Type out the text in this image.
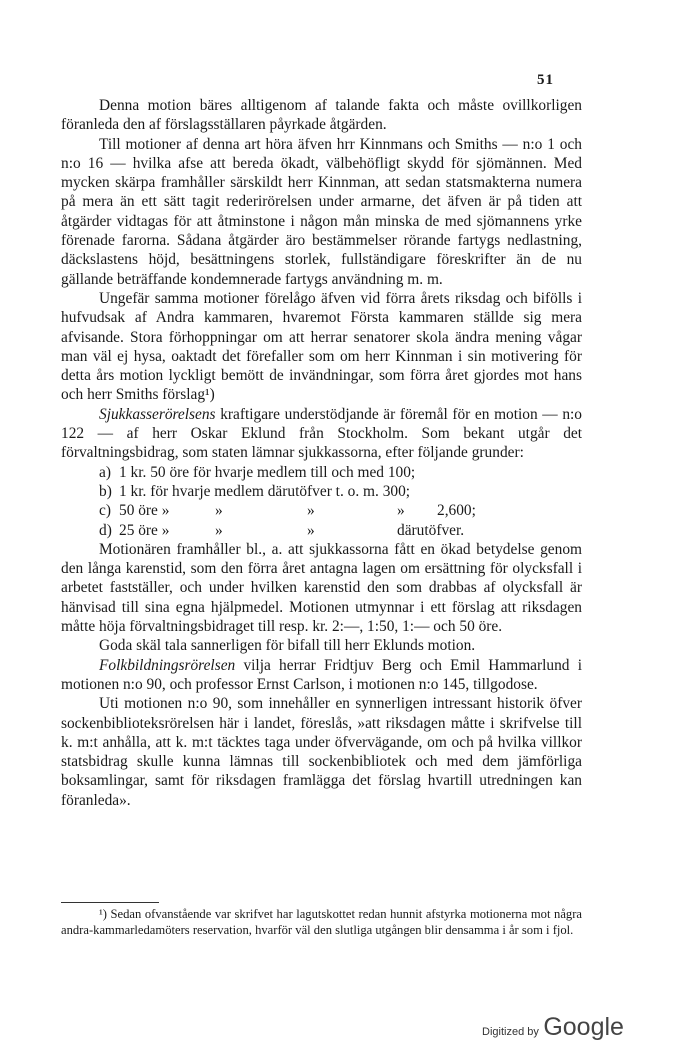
51

Denna motion bäres alltigenom af talande fakta och måste ovillkorligen föranleda den af förslagsställaren påyrkade åtgärden.

Till motioner af denna art höra äfven hrr Kinnmans och Smiths — n:o 1 och n:o 16 — hvilka afse att bereda ökadt, välbehöfligt skydd för sjömännen. Med mycken skärpa framhåller särskildt herr Kinnman, att sedan statsmakterna numera på mera än ett sätt tagit rederirörelsen under armarne, det äfven är på tiden att åtgärder vidtagas för att åtminstone i någon mån minska de med sjömannens yrke förenade farorna. Sådana åtgärder äro bestämmelser rörande fartygs nedlastning, däckslastens höjd, besättningens storlek, fullständigare föreskrifter än de nu gällande beträffande kondemnerade fartygs användning m. m.

Ungefär samma motioner förelågo äfven vid förra årets riksdag och bifölls i hufvudsak af Andra kammaren, hvaremot Första kammaren ställde sig mera afvisande. Stora förhoppningar om att herrar senatorer skola ändra mening vågar man väl ej hysa, oaktadt det förefaller som om herr Kinnman i sin motivering för detta års motion lyckligt bemött de invändningar, som förra året gjordes mot hans och herr Smiths förslag¹)

Sjukkasserörelsens kraftigare understödjande är föremål för en motion — n:o 122 — af herr Oskar Eklund från Stockholm. Som bekant utgår det förvaltningsbidrag, som staten lämnar sjukkassorna, efter följande grunder:

a) 1 kr. 50 öre för hvarje medlem till och med 100;
b) 1 kr. för hvarje medlem därutöfver t. o. m. 300;
c) 50 öre »	»	»	» 2,600;
d) 25 öre »	»	»	därutöfver.

Motionären framhåller bl., a. att sjukkassorna fått en ökad betydelse genom den långa karenstid, som den förra året antagna lagen om ersättning för olycksfall i arbetet fastställer, och under hvilken karenstid den som drabbas af olycksfall är hänvisad till sina egna hjälpmedel. Motionen utmynnar i ett förslag att riksdagen måtte höja förvaltningsbidraget till resp. kr. 2:—, 1:50, 1:— och 50 öre.

Goda skäl tala sannerligen för bifall till herr Eklunds motion.

Folkbildningsrörelsen vilja herrar Fridtjuv Berg och Emil Hammarlund i motionen n:o 90, och professor Ernst Carlson, i motionen n:o 145, tillgodose.

Uti motionen n:o 90, som innehåller en synnerligen intressant historik öfver sockenbiblioteksrörelsen här i landet, föreslås, »att riksdagen måtte i skrifvelse till k. m:t anhålla, att k. m:t täcktes taga under öfvervägande, om och på hvilka villkor statsbidrag skulle kunna lämnas till sockenbibliotek och med dem jämförliga boksamlingar, samt för riksdagen framlägga det förslag hvartill utredningen kan föranleda».

¹) Sedan ofvanstående var skrifvet har lagutskottet redan hunnit afstyrka motionerna mot några andra-kammarledamöters reservation, hvarför väl den slutliga utgången blir densamma i år som i fjol.

Digitized by Google
